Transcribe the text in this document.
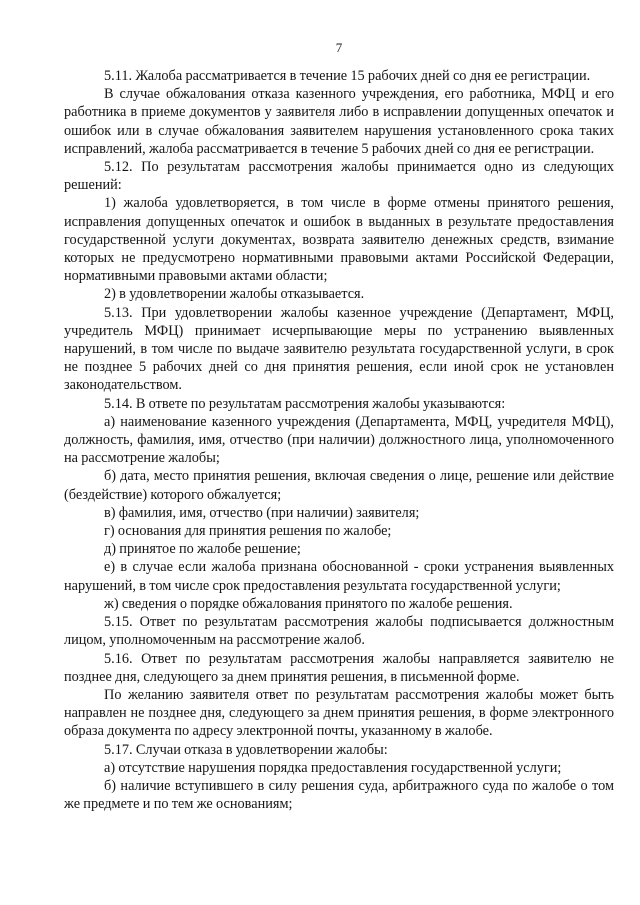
7

5.11. Жалоба рассматривается в течение 15 рабочих дней со дня ее регистрации.

В случае обжалования отказа казенного учреждения, его работника, МФЦ и его работника в приеме документов у заявителя либо в исправлении допущенных опечаток и ошибок или в случае обжалования заявителем нарушения установленного срока таких исправлений, жалоба рассматривается в течение 5 рабочих дней со дня ее регистрации.

5.12. По результатам рассмотрения жалобы принимается одно из следующих решений:

1) жалоба удовлетворяется, в том числе в форме отмены принятого решения, исправления допущенных опечаток и ошибок в выданных в результате предоставления государственной услуги документах, возврата заявителю денежных средств, взимание которых не предусмотрено нормативными правовыми актами Российской Федерации, нормативными правовыми актами области;

2) в удовлетворении жалобы отказывается.

5.13. При удовлетворении жалобы казенное учреждение (Департамент, МФЦ, учредитель МФЦ) принимает исчерпывающие меры по устранению выявленных нарушений, в том числе по выдаче заявителю результата государственной услуги, в срок не позднее 5 рабочих дней со дня принятия решения, если иной срок не установлен законодательством.

5.14. В ответе по результатам рассмотрения жалобы указываются:

а) наименование казенного учреждения (Департамента, МФЦ, учредителя МФЦ), должность, фамилия, имя, отчество (при наличии) должностного лица, уполномоченного на рассмотрение жалобы;

б) дата, место принятия решения, включая сведения о лице, решение или действие (бездействие) которого обжалуется;

в) фамилия, имя, отчество (при наличии) заявителя;

г) основания для принятия решения по жалобе;

д) принятое по жалобе решение;

е) в случае если жалоба признана обоснованной - сроки устранения выявленных нарушений, в том числе срок предоставления результата государственной услуги;

ж) сведения о порядке обжалования принятого по жалобе решения.

5.15. Ответ по результатам рассмотрения жалобы подписывается должностным лицом, уполномоченным на рассмотрение жалоб.

5.16. Ответ по результатам рассмотрения жалобы направляется заявителю не позднее дня, следующего за днем принятия решения, в письменной форме.

По желанию заявителя ответ по результатам рассмотрения жалобы может быть направлен не позднее дня, следующего за днем принятия решения, в форме электронного образа документа по адресу электронной почты, указанному в жалобе.

5.17. Случаи отказа в удовлетворении жалобы:

а) отсутствие нарушения порядка предоставления государственной услуги;

б) наличие вступившего в силу решения суда, арбитражного суда по жалобе о том же предмете и по тем же основаниям;
